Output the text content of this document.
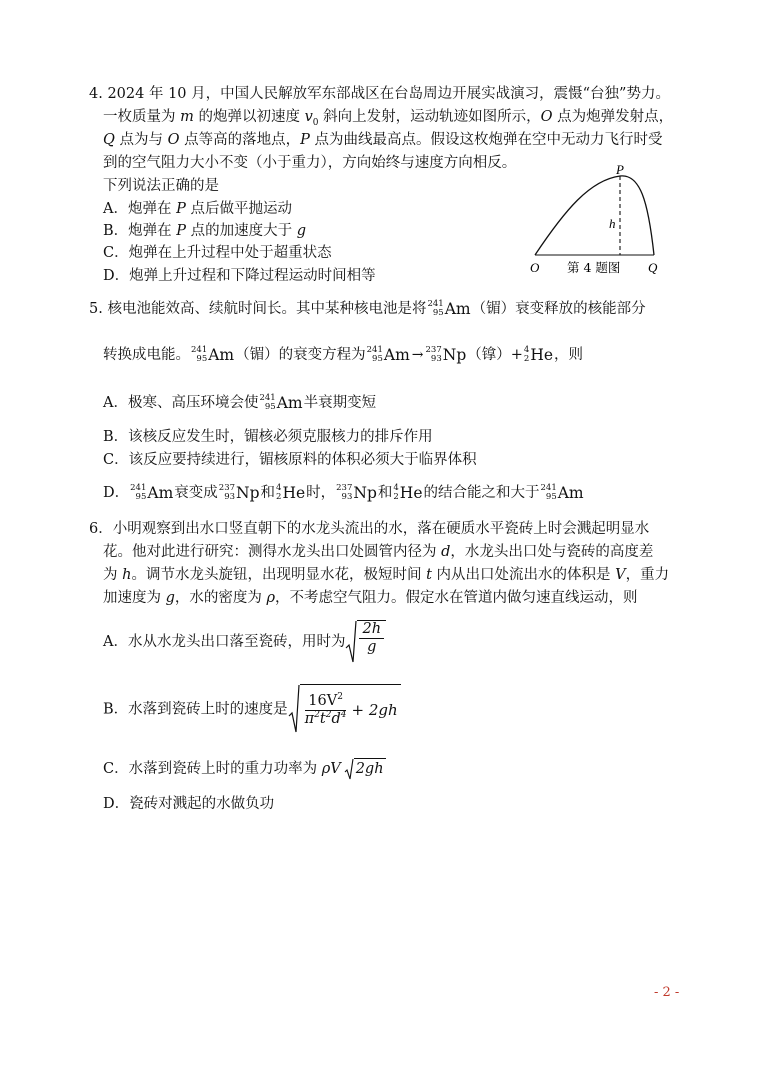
4. 2024 年 10 月，中国人民解放军东部战区在台岛周边开展实战演习，震慑“台独”势力。
一枚质量为 m 的炮弹以初速度 $v_0$ 斜向上发射，运动轨迹如图所示，O 点为炮弹发射点，
Q 点为与 O 点等高的落地点，P 点为曲线最高点。假设这枚炮弹在空中无动力飞行时受
到的空气阻力大小不变（小于重力），方向始终与速度方向相反。
下列说法正确的是
A．炮弹在 P 点后做平抛运动
B．炮弹在 P 点的加速度大于 g
C．炮弹在上升过程中处于超重状态
D．炮弹上升过程和下降过程运动时间相等
P
h
O	Q
第 4 题图
5. 核电池能效高、续航时间长。其中某种核电池是将 241
95 Am （镅）衰变释放的核能部分
转换成电能。 241
95 Am （镅）的衰变方程为 241
95 Am → 237
93 Np （镎）+ 4
2 He ，则
A．极寒、高压环境会使 241
95 Am 半衰期变短
B．该核反应发生时，镅核必须克服核力的排斥作用
C．该反应要持续进行，镅核原料的体积必须大于临界体积
D． 241
95 Am 衰变成 237
93 Np 和 4
2 He 时， 237
93 Np 和 4
2 He 的结合能之和大于 241
95 Am
6．小明观察到出水口竖直朝下的水龙头流出的水，落在硬质水平瓷砖上时会溅起明显水
花。他对此进行研究：测得水龙头出口处圆管内径为 d，水龙头出口处与瓷砖的高度差
为 h。调节水龙头旋钮，出现明显水花，极短时间 t 内从出口处流出水的体积是 V，重力
加速度为 g，水的密度为 ρ，不考虑空气阻力。假定水在管道内做匀速直线运动，则
A．水从水龙头出口落至瓷砖，用时为 $\frac{2h}{g}$
B．水落到瓷砖上时的速度是 $\frac{16V^2}{\pi^2t^2d^4} + 2gh$
C．水落到瓷砖上时的重力功率为 ρV 2gh
D．瓷砖对溅起的水做负功
- 2 -
